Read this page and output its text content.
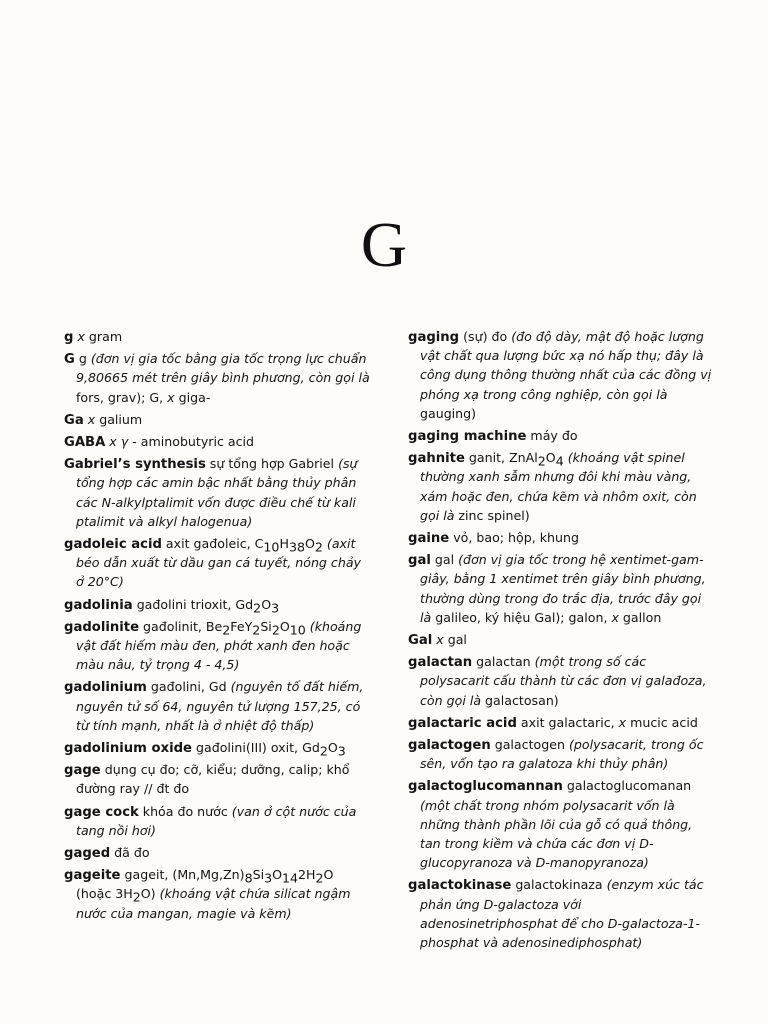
G
g x gram
G g (đơn vị gia tốc bằng gia tốc trọng lực chuẩn 9,80665 mét trên giây bình phương, còn gọi là fors, grav); G, x giga-
Ga x galium
GABA x γ - aminobutyric acid
Gabriel’s synthesis sự tổng hợp Gabriel (sự tổng hợp các amin bậc nhất bằng thủy phân các N-alkylptalimit vốn được điều chế từ kali ptalimit và alkyl halogenua)
gadoleic acid axit gađoleic, $C_{10}H_{38}O_2$ (axit béo dẫn xuất từ dầu gan cá tuyết, nóng chảy ở 20°C)
gadolinia gađolini trioxit, $Gd_2O_3$
gadolinite gađolinit, $Be_2FeY_2Si_2O_{10}$ (khoáng vật đất hiếm màu đen, phớt xanh đen hoặc màu nâu, tỷ trọng 4 - 4,5)
gadolinium gađolini, Gd (nguyên tố đất hiếm, nguyên tử số 64, nguyên tử lượng 157,25, có từ tính mạnh, nhất là ở nhiệt độ thấp)
gadolinium oxide gađolini(III) oxit, $Gd_2O_3$
gage dụng cụ đo; cỡ, kiểu; dưỡng, calip; khổ đường ray // đt đo
gage cock khóa đo nước (van ở cột nước của tang nồi hơi)
gaged đã đo
gageite gageit, $(Mn,Mg,Zn)_8Si_3O_{14}2H_2O$ (hoặc $3H_2O$) (khoáng vật chứa silicat ngậm nước của mangan, magie và kẽm)
gaging (sự) đo (đo độ dày, mật độ hoặc lượng vật chất qua lượng bức xạ nó hấp thụ; đây là công dụng thông thường nhất của các đồng vị phóng xạ trong công nghiệp, còn gọi là gauging)
gaging machine máy đo
gahnite ganit, $ZnAl_2O_4$ (khoáng vật spinel thường xanh sẫm nhưng đôi khi màu vàng, xám hoặc đen, chứa kẽm và nhôm oxit, còn gọi là zinc spinel)
gaine vỏ, bao; hộp, khung
gal gal (đơn vị gia tốc trong hệ xentimet-gam-giây, bằng 1 xentimet trên giây bình phương, thường dùng trong đo trắc địa, trước đây gọi là galileo, ký hiệu Gal); galon, x gallon
Gal x gal
galactan galactan (một trong số các polysacarit cấu thành từ các đơn vị galađoza, còn gọi là galactosan)
galactaric acid axit galactaric, x mucic acid
galactogen galactogen (polysacarit, trong ốc sên, vốn tạo ra galatoza khi thủy phân)
galactoglucomannan galactoglucomanan (một chất trong nhóm polysacarit vốn là những thành phần lõi của gỗ có quả thông, tan trong kiềm và chứa các đơn vị D-glucopyranoza và D-manopyranoza)
galactokinase galactokinaza (enzym xúc tác phản ứng D-galactoza với adenosinetriphosphat để cho D-galactoza-1-phosphat và adenosinediphosphat)
